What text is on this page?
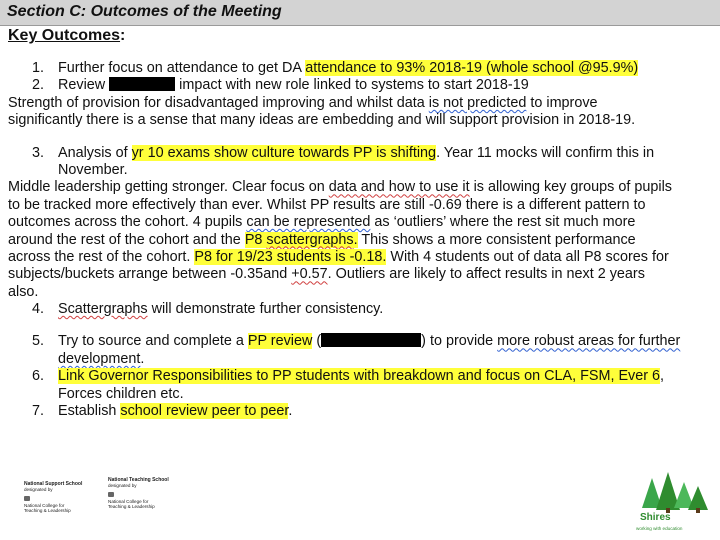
Section C: Outcomes of the Meeting
Key Outcomes:
1. Further focus on attendance to get DA attendance to 93% 2018-19 (whole school @95.9%)
2. Review	impact with new role linked to systems to start 2018-19
Strength of provision for disadvantaged improving and whilst data is not predicted to improve
significantly there is a sense that many ideas are embedding and will support provision in 2018-19.
3. Analysis of yr 10 exams show culture towards PP is shifting. Year 11 mocks will confirm this in
November.
Middle leadership getting stronger. Clear focus on data and how to use it is allowing key groups of pupils
to be tracked more effectively than ever. Whilst PP results are still -0.69 there is a different pattern to
outcomes across the cohort. 4 pupils can be represented as ‘outliers’ where the rest sit much more
around the rest of the cohort and the P8 scattergraphs. This shows a more consistent performance
across the rest of the cohort. P8 for 19/23 students is -0.18. With 4 students out of data all P8 scores for
subjects/buckets arrange between -0.35and +0.57. Outliers are likely to affect results in next 2 years
also.
4. Scattergraphs will demonstrate further consistency.
5. Try to source and complete a PP review (	) to provide more robust areas for further
development.
6. Link Governor Responsibilities to PP students with breakdown and focus on CLA, FSM, Ever 6,
Forces children etc.
7. Establish school review peer to peer.
National Support School
designated by
National College for
Teaching & Leadership
National Teaching School
designated by
National College for
Teaching & Leadership
Shires
working with education
